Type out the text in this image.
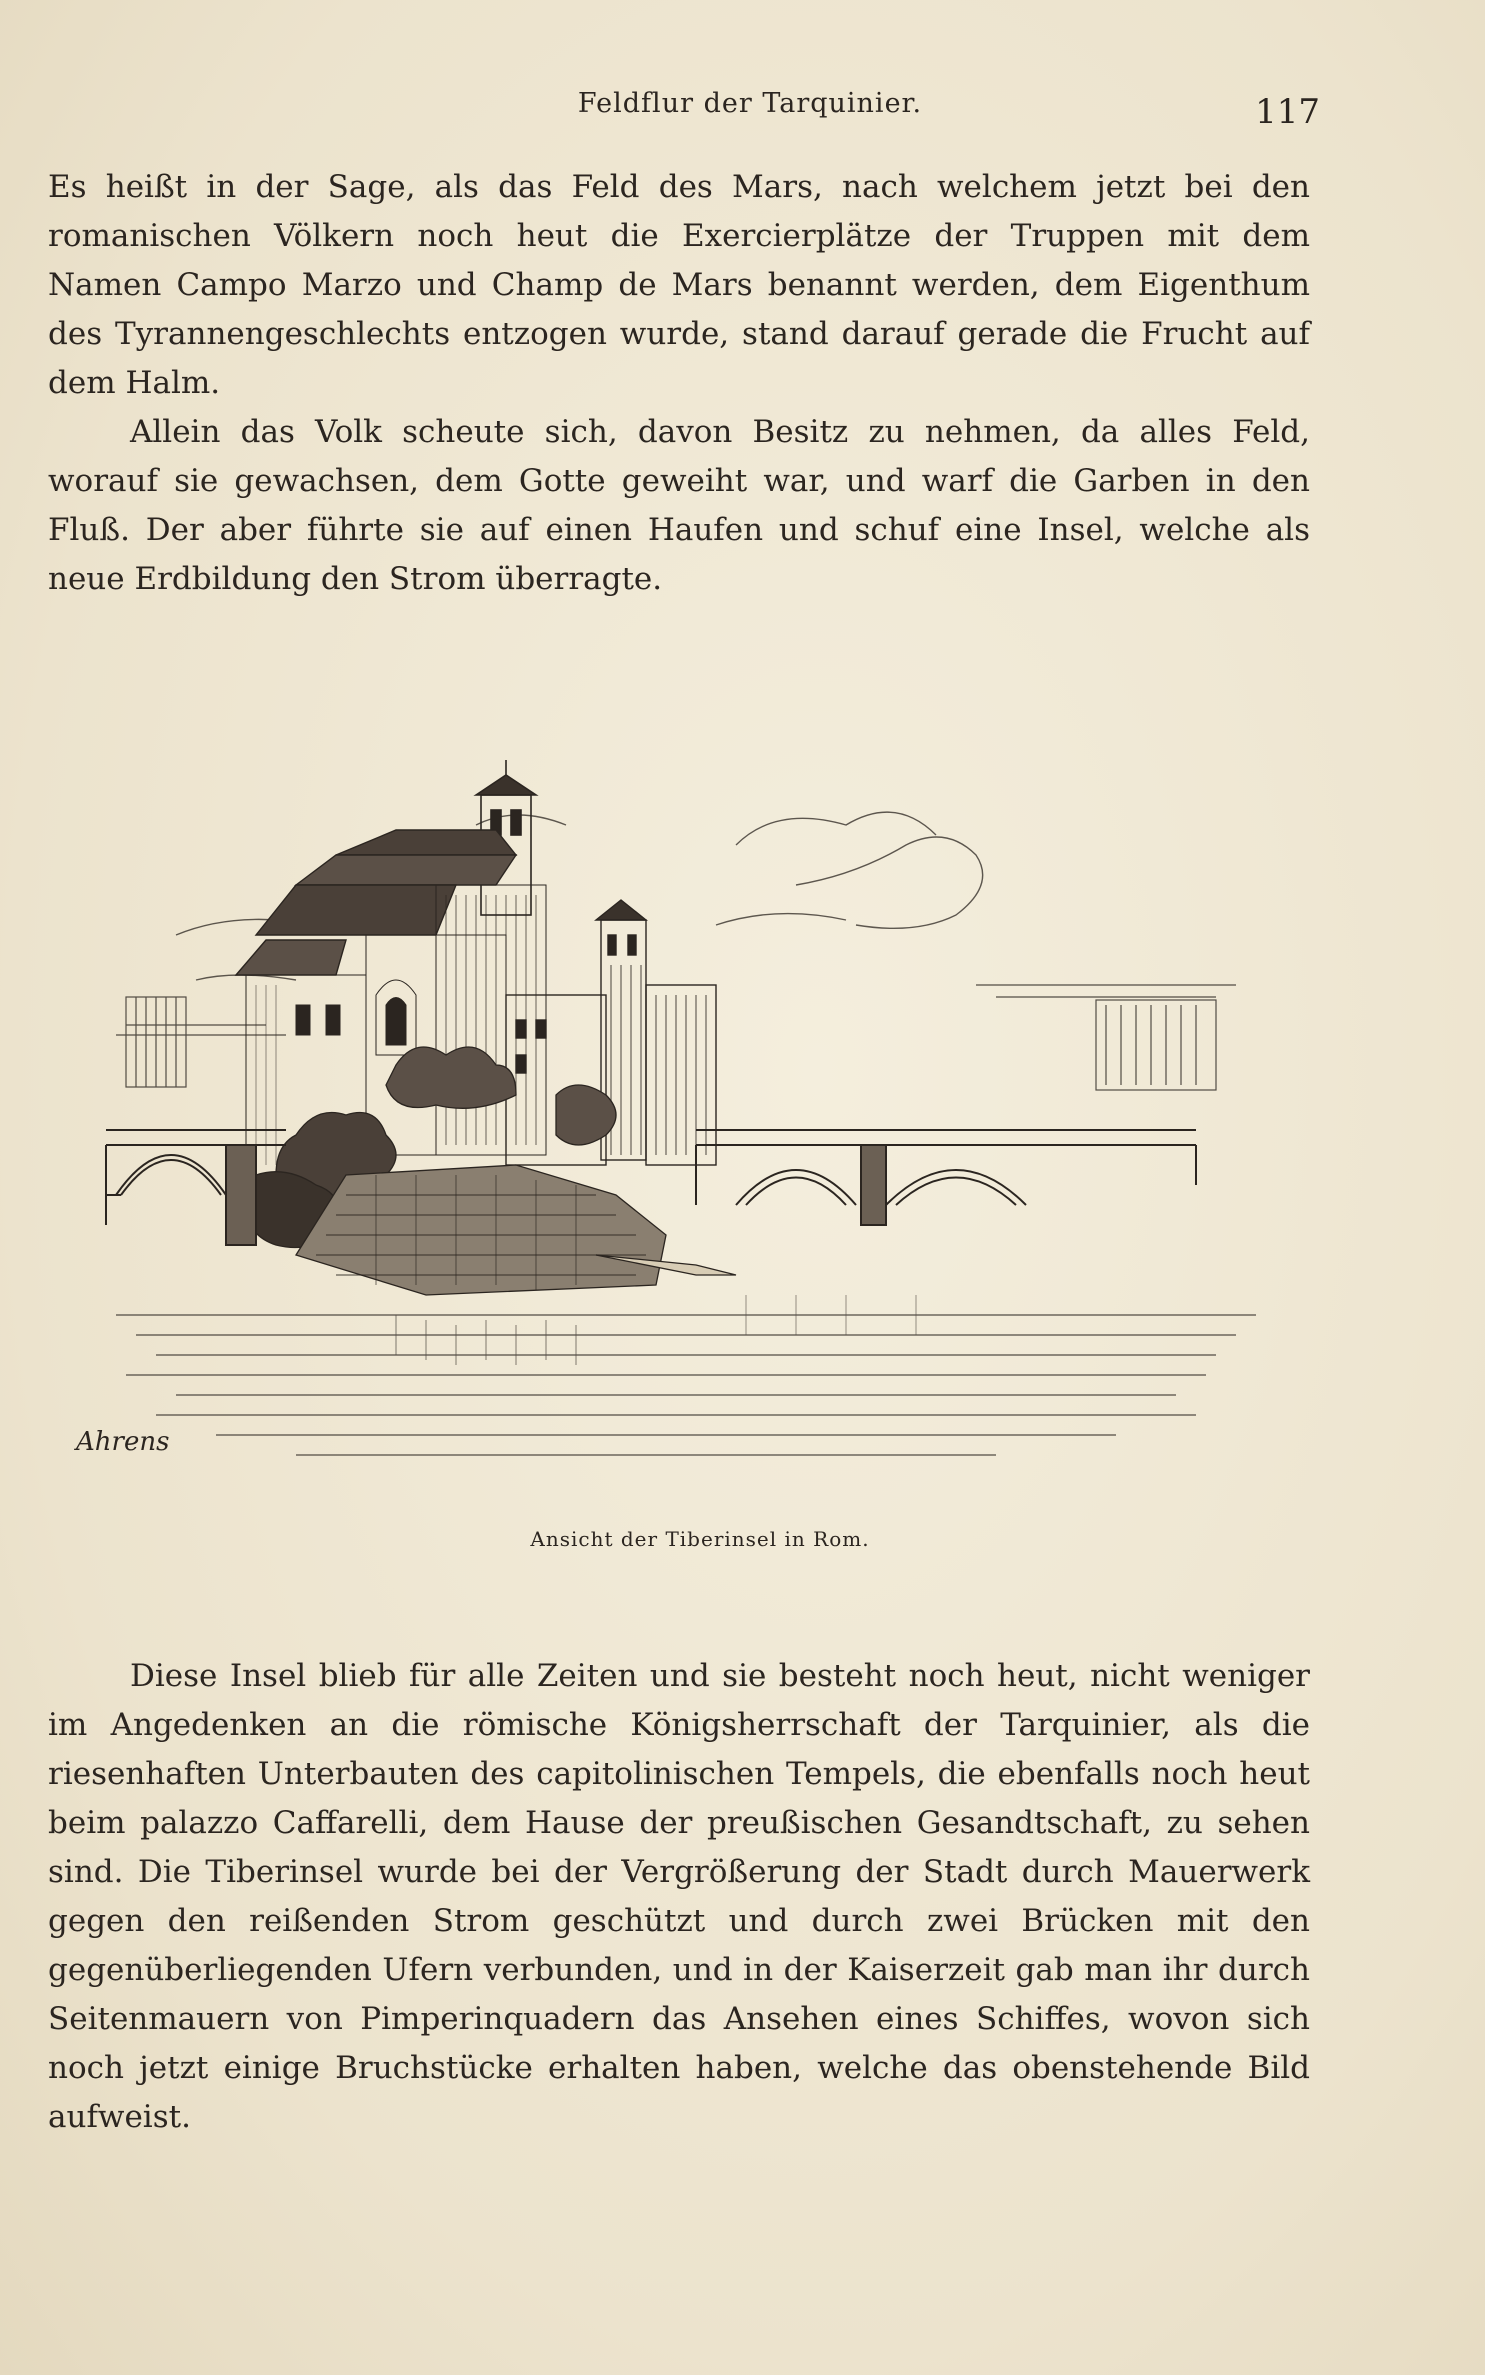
Feldflur der Tarquinier.	117

Es heißt in der Sage, als das Feld des Mars, nach welchem jetzt bei den romanischen Völkern noch heut die Exercierplätze der Truppen mit dem Namen Campo Marzo und Champ de Mars benannt werden, dem Eigenthum des Tyrannengeschlechts entzogen wurde, stand darauf gerade die Frucht auf dem Halm.

Allein das Volk scheute sich, davon Besitz zu nehmen, da alles Feld, worauf sie gewachsen, dem Gotte geweiht war, und warf die Garben in den Fluß. Der aber führte sie auf einen Haufen und schuf eine Insel, welche als neue Erdbildung den Strom überragte.

Ahrens
Ansicht der Tiberinsel in Rom.

Diese Insel blieb für alle Zeiten und sie besteht noch heut, nicht weniger im Angedenken an die römische Königsherrschaft der Tarquinier, als die riesenhaften Unterbauten des capitolinischen Tempels, die ebenfalls noch heut beim palazzo Caffarelli, dem Hause der preußischen Gesandtschaft, zu sehen sind. Die Tiberinsel wurde bei der Vergrößerung der Stadt durch Mauerwerk gegen den reißenden Strom geschützt und durch zwei Brücken mit den gegenüberliegenden Ufern verbunden, und in der Kaiserzeit gab man ihr durch Seitenmauern von Pimperinquadern das Ansehen eines Schiffes, wovon sich noch jetzt einige Bruchstücke erhalten haben, welche das obenstehende Bild aufweist.
